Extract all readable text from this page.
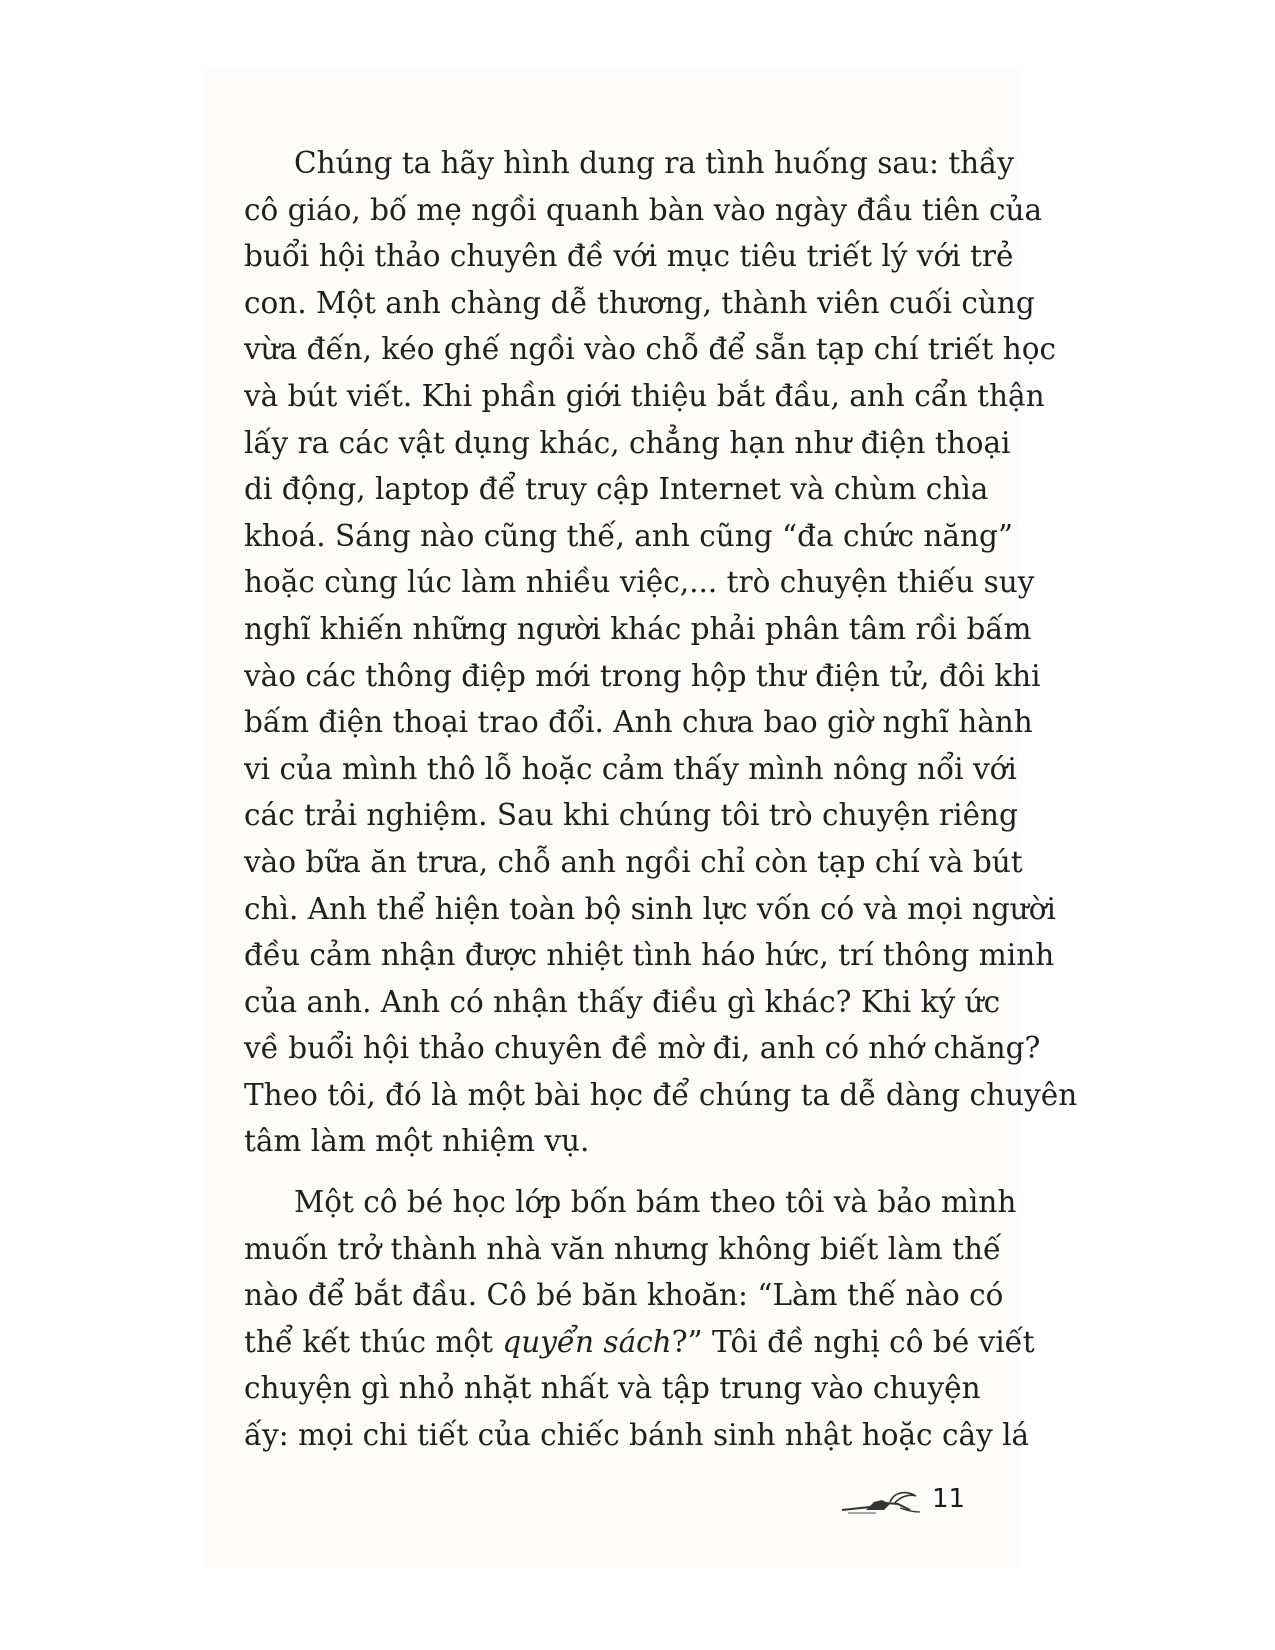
Chúng ta hãy hình dung ra tình huống sau: thầy
cô giáo, bố mẹ ngồi quanh bàn vào ngày đầu tiên của
buổi hội thảo chuyên đề với mục tiêu triết lý với trẻ
con. Một anh chàng dễ thương, thành viên cuối cùng
vừa đến, kéo ghế ngồi vào chỗ để sẵn tạp chí triết học
và bút viết. Khi phần giới thiệu bắt đầu, anh cẩn thận
lấy ra các vật dụng khác, chẳng hạn như điện thoại
di động, laptop để truy cập Internet và chùm chìa
khoá. Sáng nào cũng thế, anh cũng “đa chức năng”
hoặc cùng lúc làm nhiều việc,... trò chuyện thiếu suy
nghĩ khiến những người khác phải phân tâm rồi bấm
vào các thông điệp mới trong hộp thư điện tử, đôi khi
bấm điện thoại trao đổi. Anh chưa bao giờ nghĩ hành
vi của mình thô lỗ hoặc cảm thấy mình nông nổi với
các trải nghiệm. Sau khi chúng tôi trò chuyện riêng
vào bữa ăn trưa, chỗ anh ngồi chỉ còn tạp chí và bút
chì. Anh thể hiện toàn bộ sinh lực vốn có và mọi người
đều cảm nhận được nhiệt tình háo hức, trí thông minh
của anh. Anh có nhận thấy điều gì khác? Khi ký ức
về buổi hội thảo chuyên đề mờ đi, anh có nhớ chăng?
Theo tôi, đó là một bài học để chúng ta dễ dàng chuyên
tâm làm một nhiệm vụ.

Một cô bé học lớp bốn bám theo tôi và bảo mình
muốn trở thành nhà văn nhưng không biết làm thế
nào để bắt đầu. Cô bé băn khoăn: “Làm thế nào có
thể kết thúc một quyển sách?” Tôi đề nghị cô bé viết
chuyện gì nhỏ nhặt nhất và tập trung vào chuyện
ấy: mọi chi tiết của chiếc bánh sinh nhật hoặc cây lá

11
